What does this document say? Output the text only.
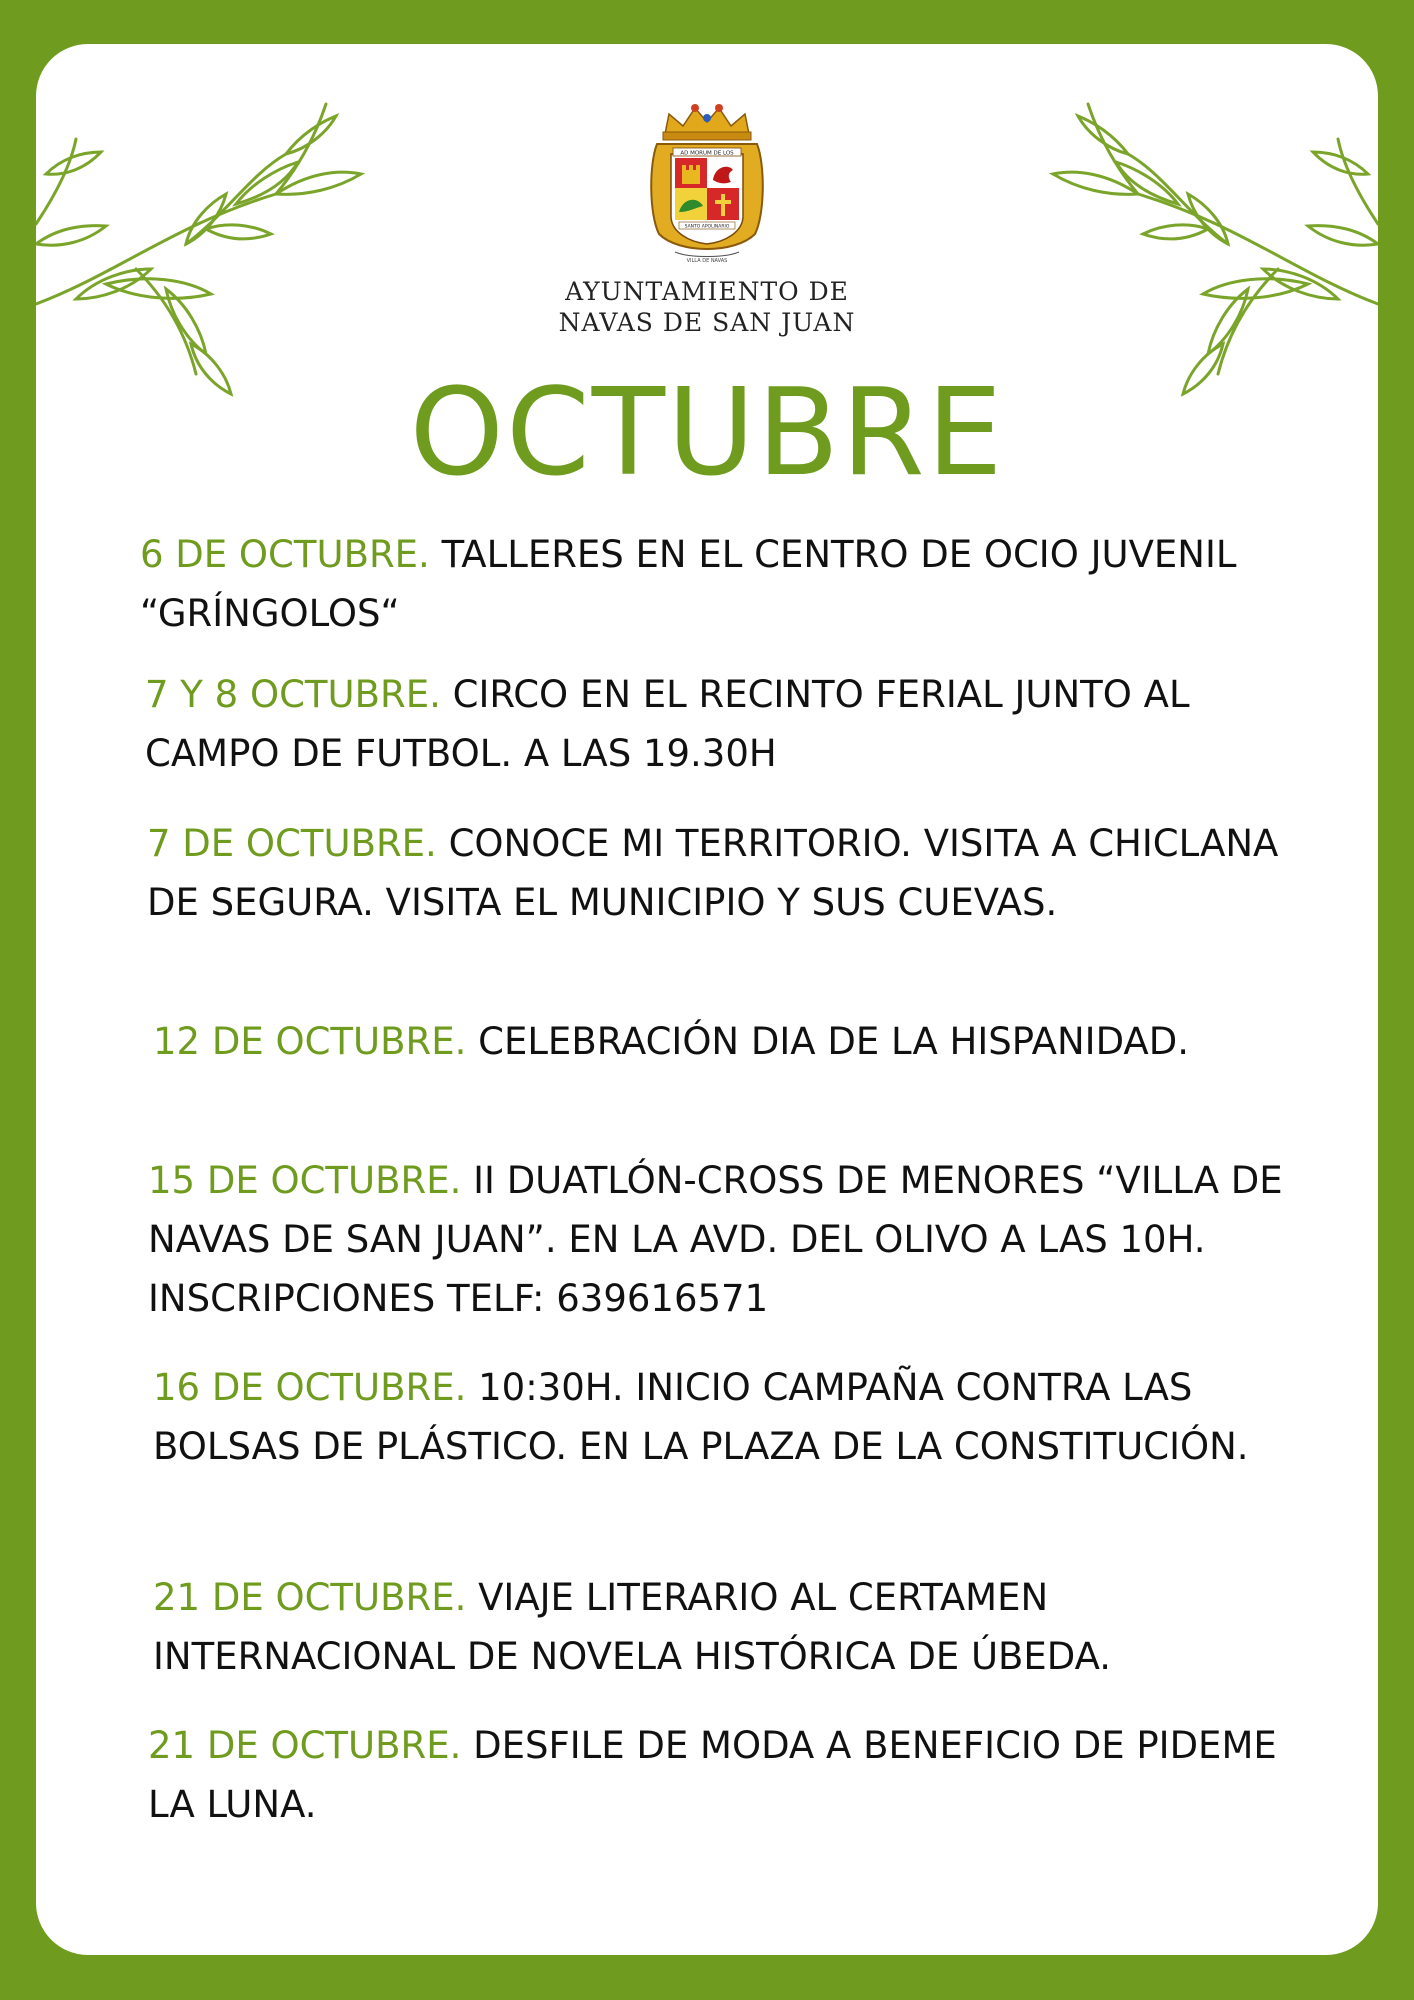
AD MORUM DE LOS
SANTO APOLINARIO
VILLA DE NAVAS
AYUNTAMIENTO DE
NAVAS DE SAN JUAN
OCTUBRE
6 DE OCTUBRE. TALLERES EN EL CENTRO DE OCIO JUVENIL “GRÍNGOLOS“
7 Y 8 OCTUBRE. CIRCO EN EL RECINTO FERIAL JUNTO AL CAMPO DE FUTBOL. A LAS 19.30H
7 DE OCTUBRE. CONOCE MI TERRITORIO. VISITA A CHICLANA DE SEGURA. VISITA EL MUNICIPIO Y SUS CUEVAS.
12 DE OCTUBRE. CELEBRACIÓN DIA DE LA HISPANIDAD.
15 DE OCTUBRE. II DUATLÓN-CROSS DE MENORES “VILLA DE NAVAS DE SAN JUAN”. EN LA AVD. DEL OLIVO A LAS 10H. INSCRIPCIONES TELF: 639616571
16 DE OCTUBRE. 10:30H. INICIO CAMPAÑA CONTRA LAS BOLSAS DE PLÁSTICO. EN LA PLAZA DE LA CONSTITUCIÓN.
21 DE OCTUBRE. VIAJE LITERARIO AL CERTAMEN INTERNACIONAL DE NOVELA HISTÓRICA DE ÚBEDA.
21 DE OCTUBRE. DESFILE DE MODA A BENEFICIO DE PIDEME LA LUNA.
